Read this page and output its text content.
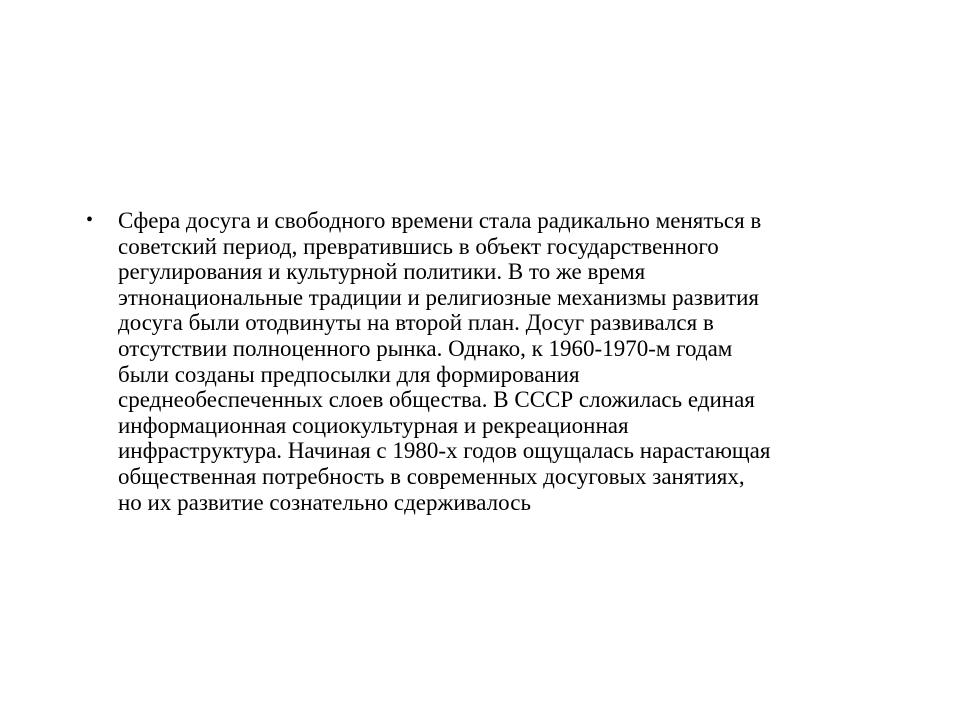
•	Сфера досуга и свободного времени стала радикально меняться в
советский период, превратившись в объект государственного
регулирования и культурной политики. В то же время
этнонациональные традиции и религиозные механизмы развития
досуга были отодвинуты на второй план. Досуг развивался в
отсутствии полноценного рынка. Однако, к 1960-1970-м годам
были созданы предпосылки для формирования
среднеобеспеченных слоев общества. В СССР сложилась единая
информационная социокультурная и рекреационная
инфраструктура. Начиная с 1980-х годов ощущалась нарастающая
общественная потребность в современных досуговых занятиях,
но их развитие сознательно сдерживалось
